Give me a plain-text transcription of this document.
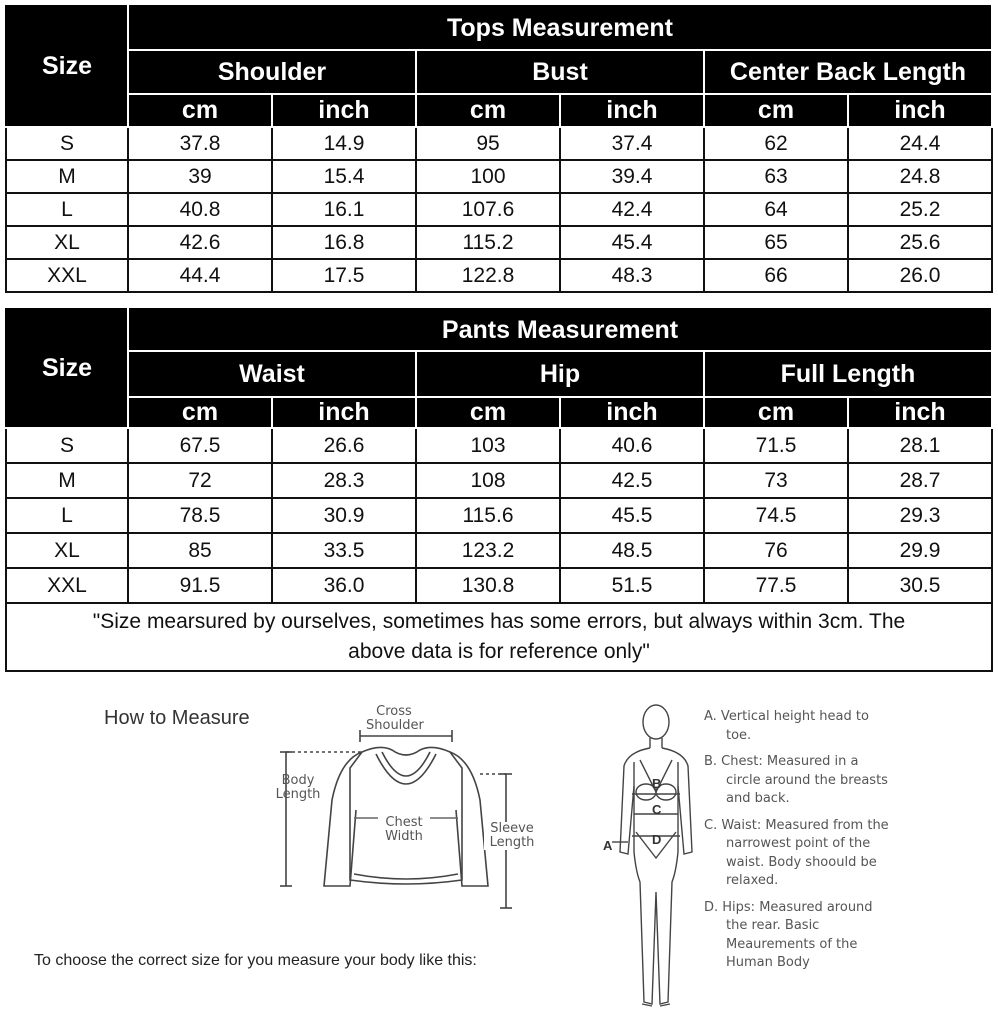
Size	Tops Measurement					
	Shoulder		Bust		Center Back Length	
	cm	inch	cm	inch	cm	inch
S	37.8	14.9	95	37.4	62	24.4
M	39	15.4	100	39.4	63	24.8
L	40.8	16.1	107.6	42.4	64	25.2
XL	42.6	16.8	115.2	45.4	65	25.6
XXL	44.4	17.5	122.8	48.3	66	26.0
Size	Pants Measurement					
	Waist		Hip		Full Length	
	cm	inch	cm	inch	cm	inch
S	67.5	26.6	103	40.6	71.5	28.1
M	72	28.3	108	42.5	73	28.7
L	78.5	30.9	115.6	45.5	74.5	29.3
XL	85	33.5	123.2	48.5	76	29.9
XXL	91.5	36.0	130.8	51.5	77.5	30.5
"Size mearsured by ourselves, sometimes has some errors, but always within 3cm. The
above data is for reference only"						
How to Measure	Cross
Shoulder
Body
Length
Chest
Width
Sleeve
Length
To choose the correct size for you measure your body like this:
B
C
D
A

A. Vertical height head to toe.

B. Chest: Measured in a circle around the breasts and back.

C. Waist: Measured from the narrowest point of the waist. Body shoould be relaxed.

D. Hips: Measured around the rear. Basic Meaurements of the Human Body
